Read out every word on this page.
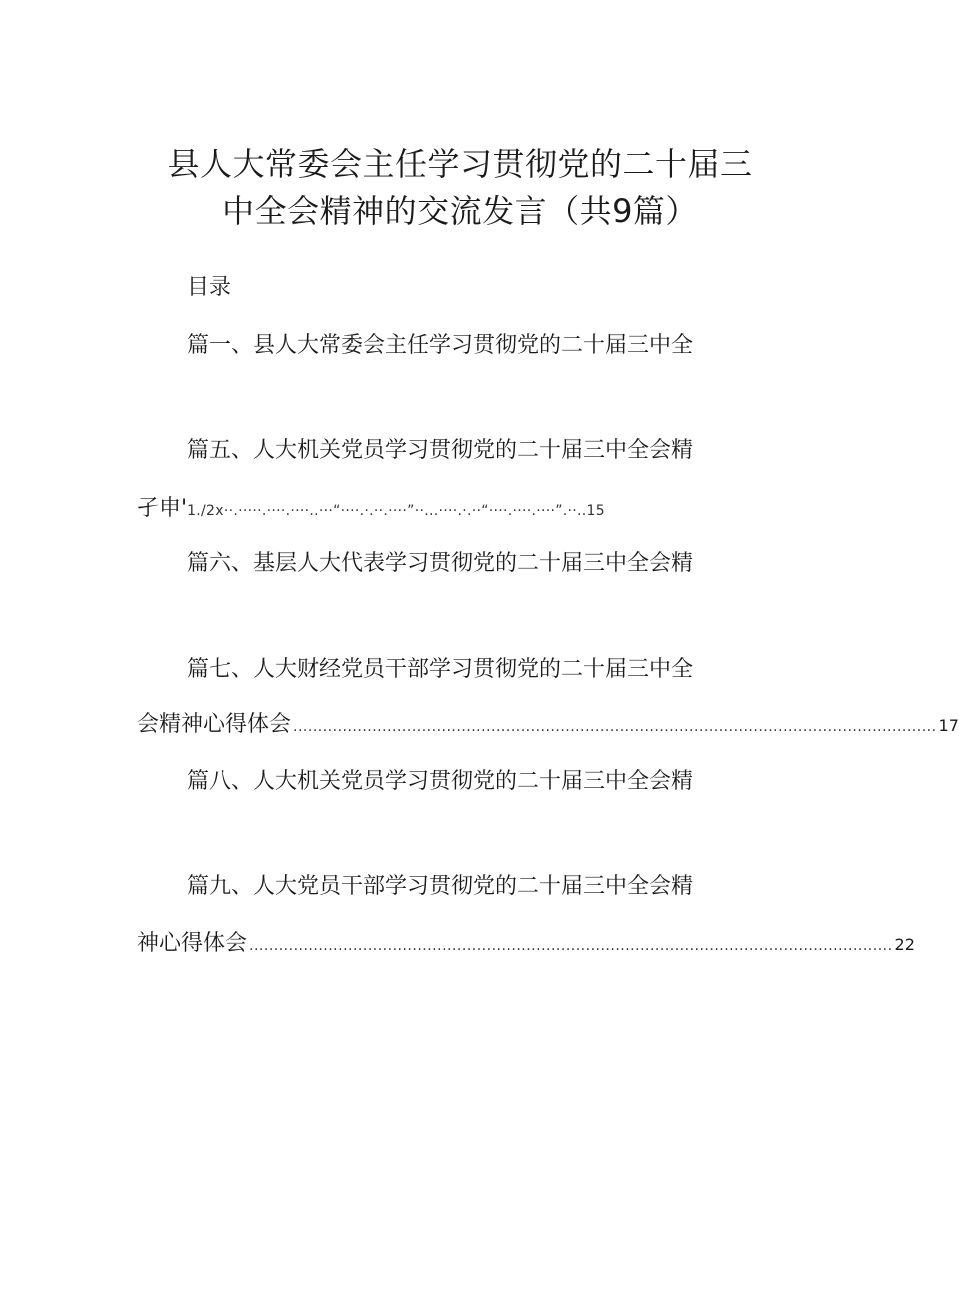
县人大常委会主任学习贯彻党的二十届三
中全会精神的交流发言（共9篇）
目录
篇一、县人大常委会主任学习贯彻党的二十届三中全
篇五、人大机关党员学习贯彻党的二十届三中全会精
孑申'1./2x··.·····.····.····..···“····.·.··.····”··...····.·.··“····.····.····”.··..15
篇六、基层人大代表学习贯彻党的二十届三中全会精
篇七、人大财经党员干部学习贯彻党的二十届三中全
会精神心得体会 .................................................................................................................................. 17
篇八、人大机关党员学习贯彻党的二十届三中全会精
篇九、人大党员干部学习贯彻党的二十届三中全会精
神心得体会 .................................................................................................................................. 22
